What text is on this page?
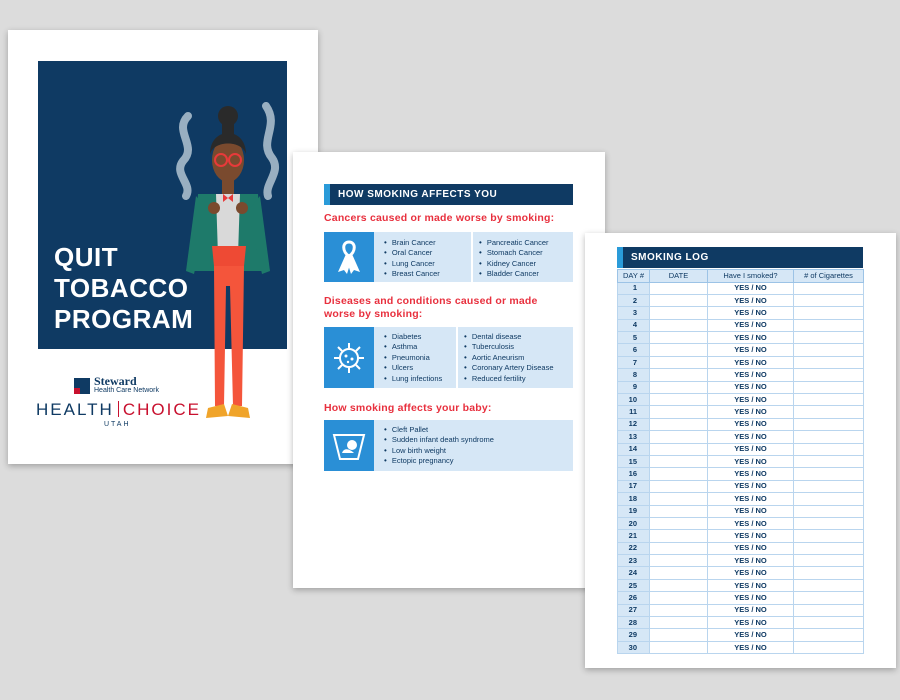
QUIT
TOBACCO
PROGRAM
Steward
Health Care Network
HEALTH CHOICE
UTAH
HOW SMOKING AFFECTS YOU
Cancers caused or made worse by smoking:
• Brain Cancer
• Oral Cancer
• Lung Cancer
• Breast Cancer
• Pancreatic Cancer
• Stomach Cancer
• Kidney Cancer
• Bladder Cancer
Diseases and conditions caused or made worse by smoking:
• Diabetes
• Asthma
• Pneumonia
• Ulcers
• Lung infections
• Dental disease
• Tuberculosis
• Aortic Aneurism
• Coronary Artery Disease
• Reduced fertility
How smoking affects your baby:
• Cleft Pallet
• Sudden infant death syndrome
• Low birth weight
• Ectopic pregnancy
SMOKING LOG
DAY #	DATE	Have I smoked?	# of Cigarettes
1		YES / NO	
2		YES / NO	
3		YES / NO	
4		YES / NO	
5		YES / NO	
6		YES / NO	
7		YES / NO	
8		YES / NO	
9		YES / NO	
10		YES / NO	
11		YES / NO	
12		YES / NO	
13		YES / NO	
14		YES / NO	
15		YES / NO	
16		YES / NO	
17		YES / NO	
18		YES / NO	
19		YES / NO	
20		YES / NO	
21		YES / NO	
22		YES / NO	
23		YES / NO	
24		YES / NO	
25		YES / NO	
26		YES / NO	
27		YES / NO	
28		YES / NO	
29		YES / NO	
30		YES / NO	
